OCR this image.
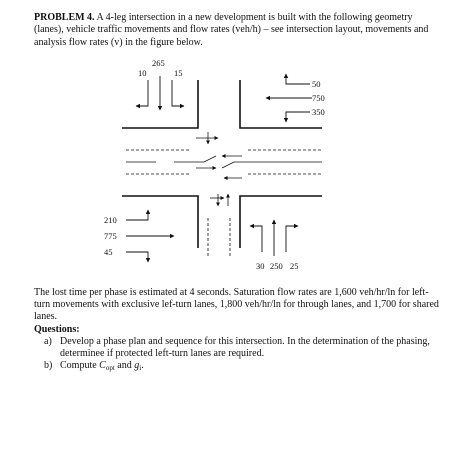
PROBLEM 4. A 4-leg intersection in a new development is built with the following geometry (lanes), vehicle traffic movements and flow rates (veh/h) – see intersection layout, movements and analysis flow rates (v) in the figure below.

10
265
15
50
750
350
210
775
45
30 250 25

The lost time per phase is estimated at 4 seconds. Saturation flow rates are 1,600 veh/hr/ln for left-turn movements with exclusive lef-turn lanes, 1,800 veh/hr/ln for through lanes, and 1,700 for shared lanes.

Questions:

a) Develop a phase plan and sequence for this intersection. In the determination of the phasing, determinee if protected left-turn lanes are required.
b) Compute $C_{opt}$ and $g_i$.
